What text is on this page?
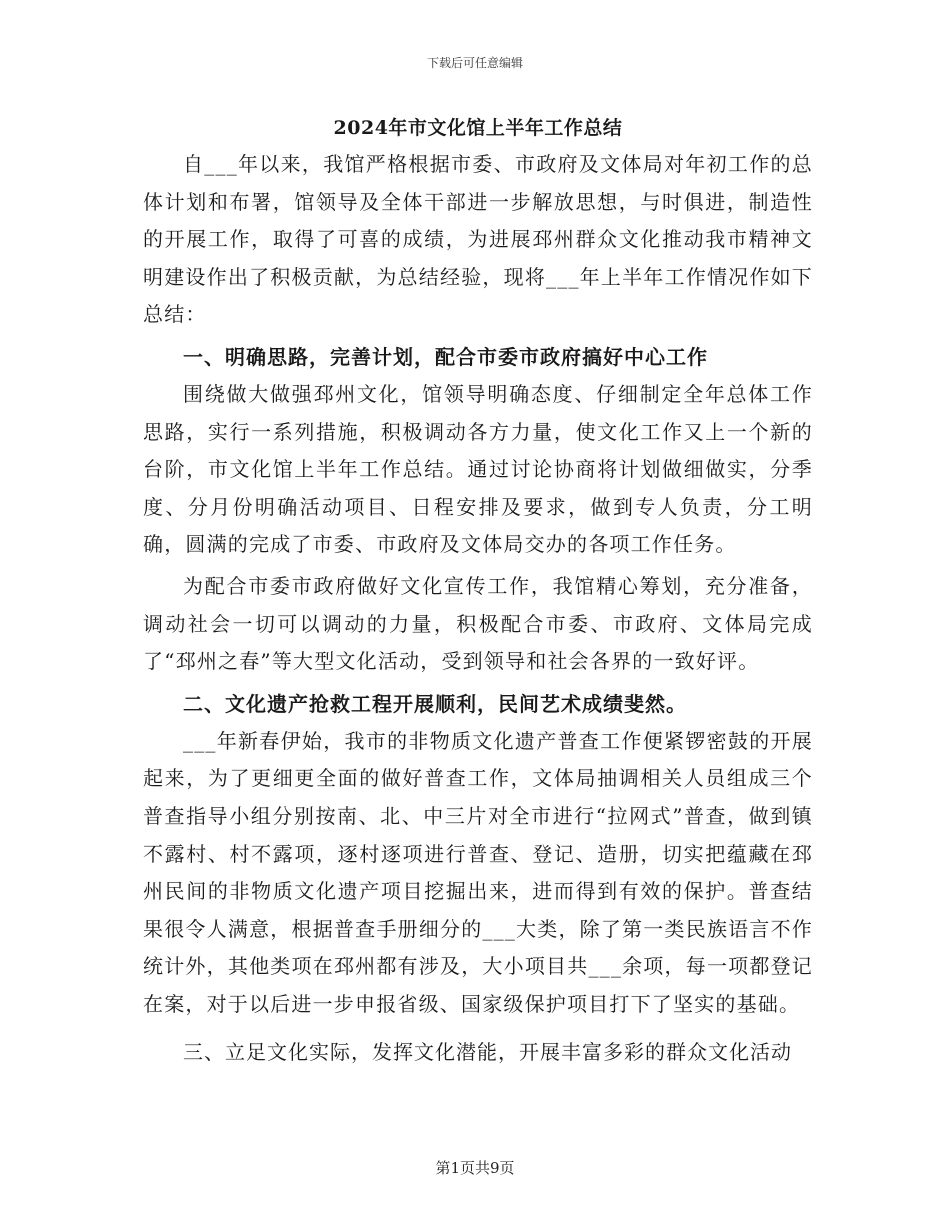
下载后可任意编辑
2024年市文化馆上半年工作总结

自___年以来，我馆严格根据市委、市政府及文体局对年初工作的总体计划和布署，馆领导及全体干部进一步解放思想，与时俱进，制造性的开展工作，取得了可喜的成绩，为进展邳州群众文化推动我市精神文明建设作出了积极贡献，为总结经验，现将___年上半年工作情况作如下总结：

一、明确思路，完善计划，配合市委市政府搞好中心工作

围绕做大做强邳州文化，馆领导明确态度、仔细制定全年总体工作思路，实行一系列措施，积极调动各方力量，使文化工作又上一个新的台阶，市文化馆上半年工作总结。通过讨论协商将计划做细做实，分季度、分月份明确活动项目、日程安排及要求，做到专人负责，分工明确，圆满的完成了市委、市政府及文体局交办的各项工作任务。

为配合市委市政府做好文化宣传工作，我馆精心筹划，充分准备，调动社会一切可以调动的力量，积极配合市委、市政府、文体局完成了“邳州之春”等大型文化活动，受到领导和社会各界的一致好评。

二、文化遗产抢救工程开展顺利，民间艺术成绩斐然。

___年新春伊始，我市的非物质文化遗产普查工作便紧锣密鼓的开展起来，为了更细更全面的做好普查工作，文体局抽调相关人员组成三个普查指导小组分别按南、北、中三片对全市进行“拉网式”普查，做到镇不露村、村不露项，逐村逐项进行普查、登记、造册，切实把蕴藏在邳州民间的非物质文化遗产项目挖掘出来，进而得到有效的保护。普查结果很令人满意，根据普查手册细分的___大类，除了第一类民族语言不作统计外，其他类项在邳州都有涉及，大小项目共___余项，每一项都登记在案，对于以后进一步申报省级、国家级保护项目打下了坚实的基础。

三、立足文化实际，发挥文化潜能，开展丰富多彩的群众文化活动

第1页共9页
